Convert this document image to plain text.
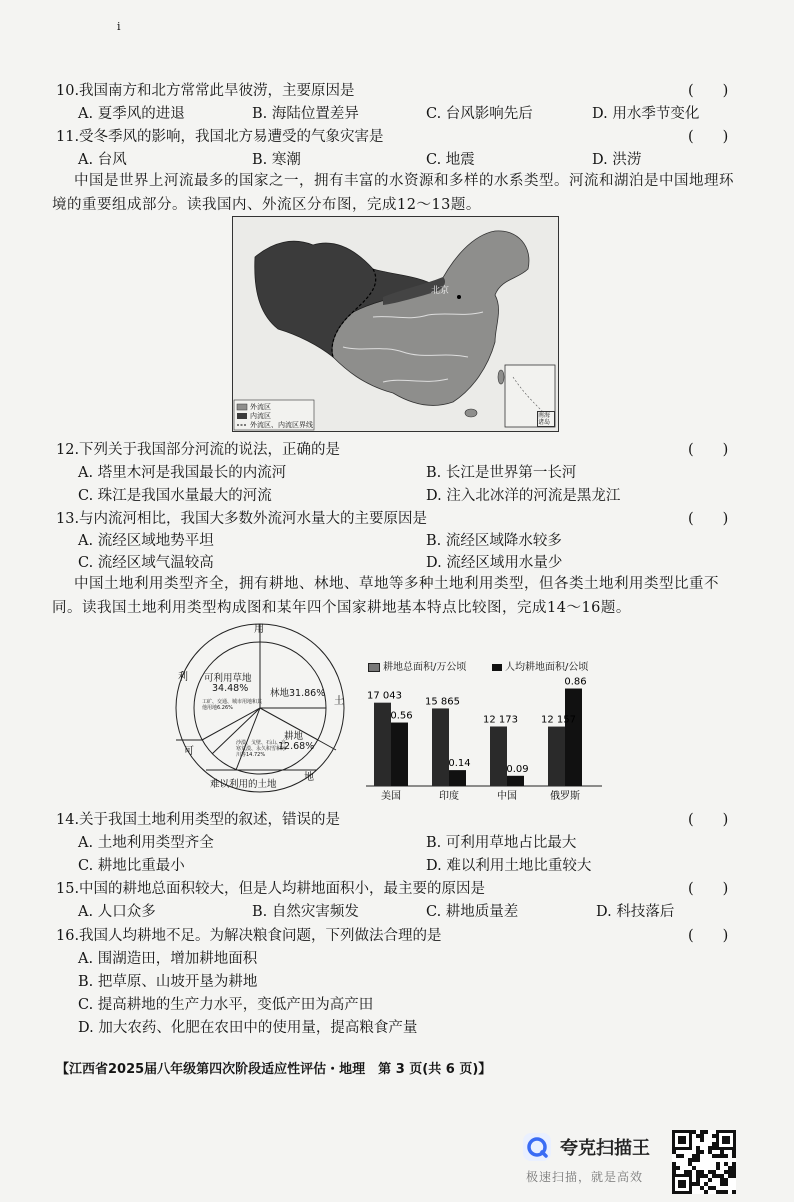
i
10.我国南方和北方常常此旱彼涝，主要原因是	(　　)
A. 夏季风的进退	B. 海陆位置差异	C. 台风影响先后	D. 用水季节变化
11.受冬季风的影响，我国北方易遭受的气象灾害是	(　　)
A. 台风	B. 寒潮	C. 地震	D. 洪涝
中国是世界上河流最多的国家之一，拥有丰富的水资源和多样的水系类型。河流和湖泊是中国地理环境的重要组成部分。读我国内、外流区分布图，完成12～13题。
北京
外流区
内流区
外流区、内流区界线
南海诸岛
12.下列关于我国部分河流的说法，正确的是	(　　)
A. 塔里木河是我国最长的内流河	B. 长江是世界第一长河
C. 珠江是我国水量最大的河流	D. 注入北冰洋的河流是黑龙江
13.与内流河相比，我国大多数外流河水量大的主要原因是	(　　)
A. 流经区域地势平坦	B. 流经区域降水较多
C. 流经区域气温较高	D. 流经区域用水量少
中国土地利用类型齐全，拥有耕地、林地、草地等多种土地利用类型，但各类土地利用类型比重不同。读我国土地利用类型构成图和某年四个国家耕地基本特点比较图，完成14～16题。
用
土
地
利
可
难以利用的土地
可利用草地
34.48% 林地31.86%
耕地
12.68%
工矿、交通、城市用地和其他用地6.26%
沙漠、戈壁、石山、高寒荒漠、永久积雪和冰川等14.72%
耕地总面积/万公顷	人均耕地面积/公顷
17 043
0.56
美国
15 865
0.14
印度
12 173
0.09
中国
12 157
0.86
俄罗斯
14.关于我国土地利用类型的叙述，错误的是	(　　)
A. 土地利用类型齐全	B. 可利用草地占比最大
C. 耕地比重最小	D. 难以利用土地比重较大
15.中国的耕地总面积较大，但是人均耕地面积小，最主要的原因是	(　　)
A. 人口众多	B. 自然灾害频发	C. 耕地质量差	D. 科技落后
16.我国人均耕地不足。为解决粮食问题，下列做法合理的是	(　　)
A. 围湖造田，增加耕地面积
B. 把草原、山坡开垦为耕地
C. 提高耕地的生产力水平，变低产田为高产田
D. 加大农药、化肥在农田中的使用量，提高粮食产量
【江西省2025届八年级第四次阶段适应性评估・地理　第 3 页(共 6 页)】
夸克扫描王
极速扫描，就是高效
